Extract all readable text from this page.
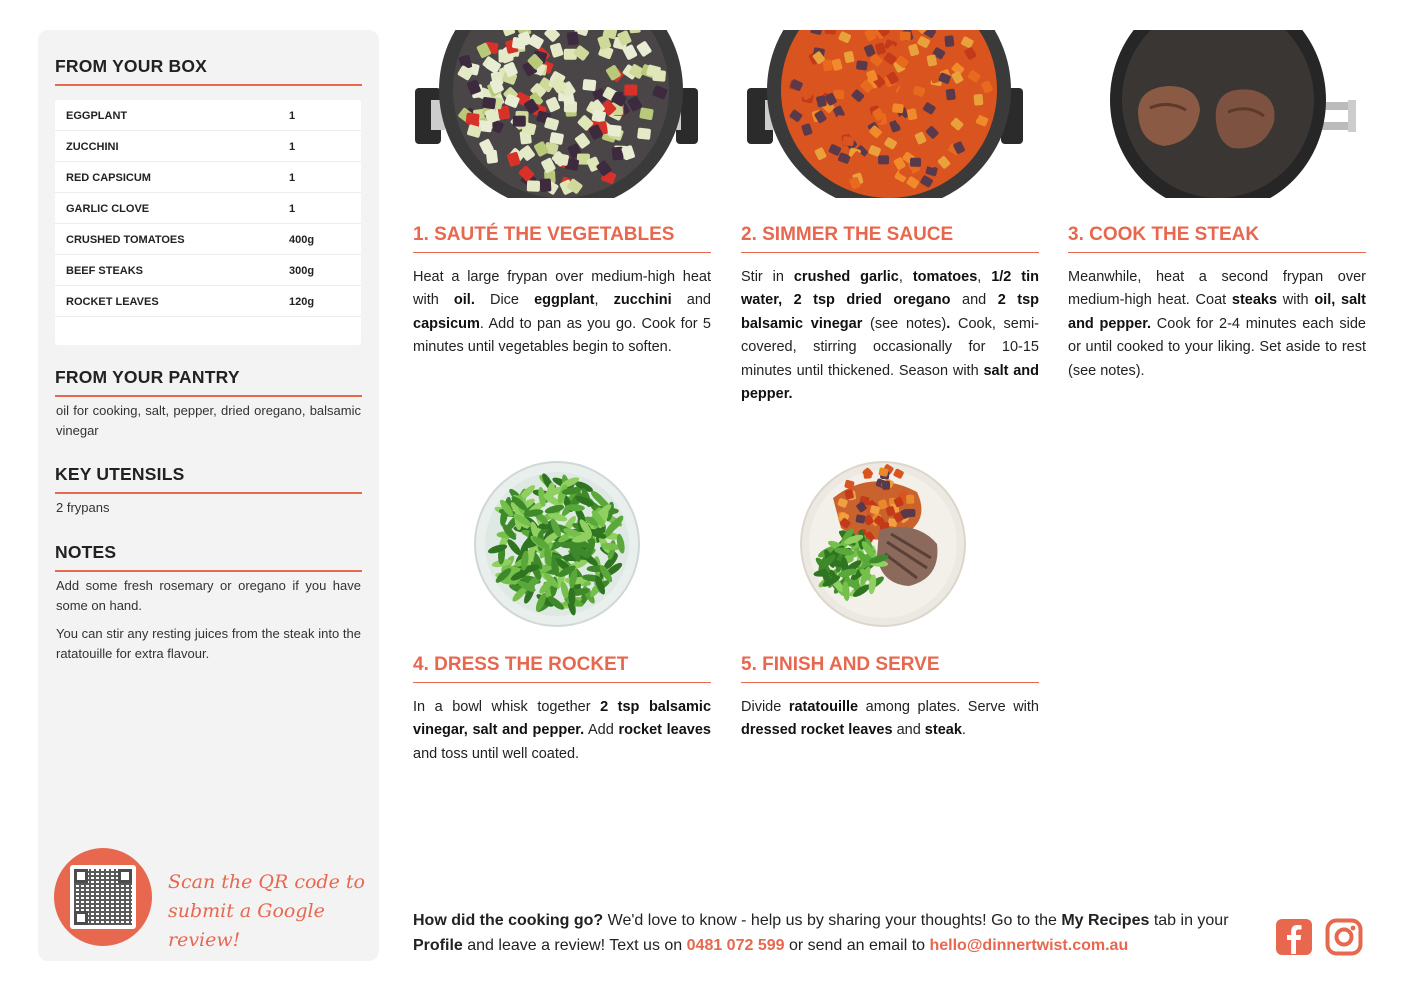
FROM YOUR BOX
EGGPLANT	1
ZUCCHINI	1
RED CAPSICUM	1
GARLIC CLOVE	1
CRUSHED TOMATOES	400g
BEEF STEAKS	300g
ROCKET LEAVES	120g
FROM YOUR PANTRY
oil for cooking, salt, pepper, dried oregano, balsamic vinegar
KEY UTENSILS
2 frypans
NOTES
Add some fresh rosemary or oregano if you have some on hand.
You can stir any resting juices from the steak into the ratatouille for extra flavour.
Scan the QR code to
submit a Google review!
1. SAUTÉ THE VEGETABLES
Heat a large frypan over medium-high heat with oil. Dice eggplant, zucchini and capsicum. Add to pan as you go. Cook for 5 minutes until vegetables begin to soften.
2. SIMMER THE SAUCE
Stir in crushed garlic, tomatoes, 1/2 tin water, 2 tsp dried oregano and 2 tsp balsamic vinegar (see notes). Cook, semi-covered, stirring occasionally for 10-15 minutes until thickened. Season with salt and pepper.
3. COOK THE STEAK
Meanwhile, heat a second frypan over medium-high heat. Coat steaks with oil, salt and pepper. Cook for 2-4 minutes each side or until cooked to your liking. Set aside to rest (see notes).
4. DRESS THE ROCKET
In a bowl whisk together 2 tsp balsamic vinegar, salt and pepper. Add rocket leaves and toss until well coated.
5. FINISH AND SERVE
Divide ratatouille among plates. Serve with dressed rocket leaves and steak.
How did the cooking go? We'd love to know - help us by sharing your thoughts! Go to the My Recipes tab in your Profile and leave a review! Text us on 0481 072 599 or send an email to hello@dinnertwist.com.au
